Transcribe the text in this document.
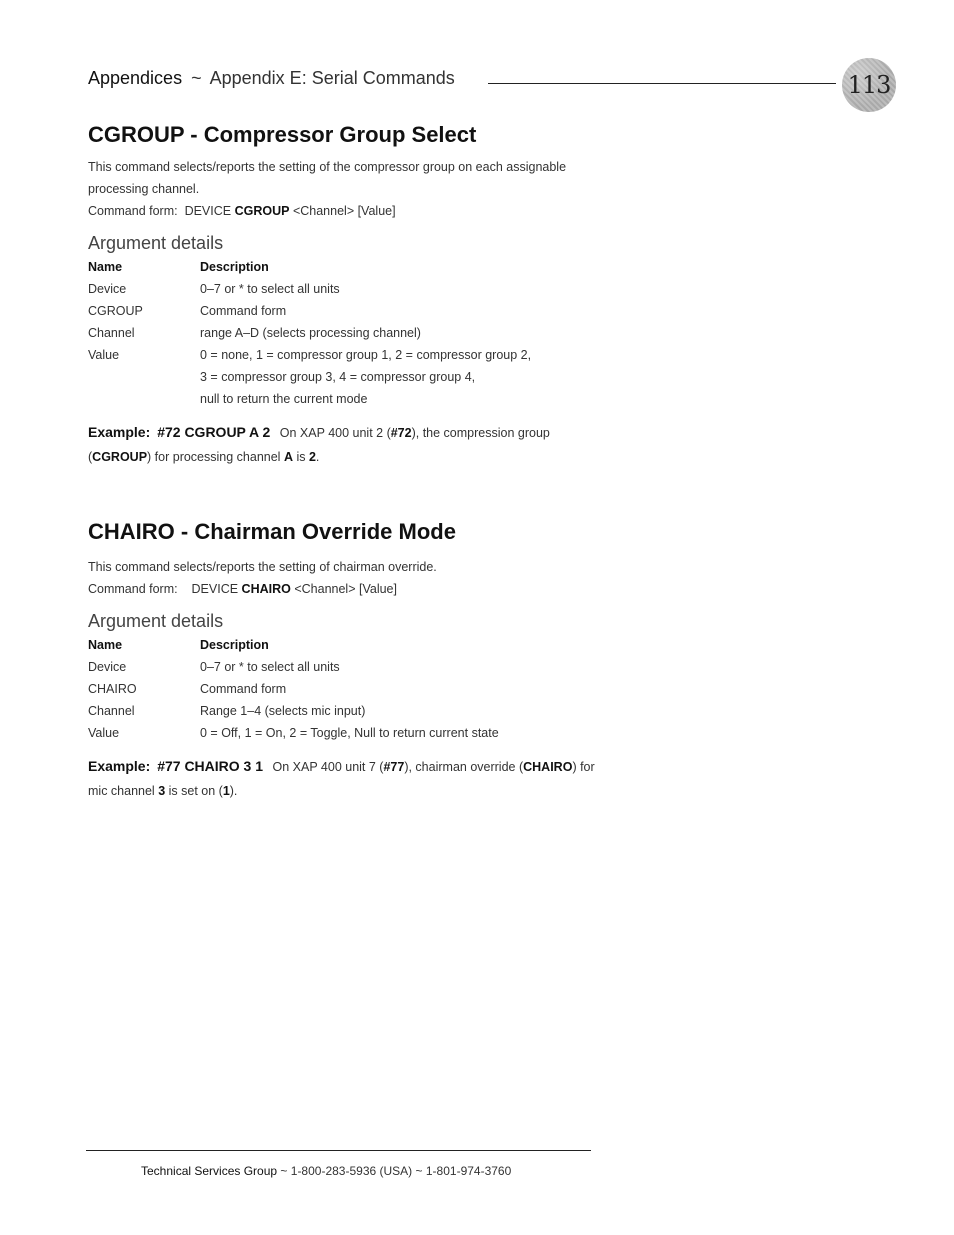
Appendices ~ Appendix E: Serial Commands	113
CGROUP - Compressor Group Select

This command selects/reports the setting of the compressor group on each assignable processing channel.

Command form: DEVICE CGROUP <Channel> [Value]

Argument details
Name	Description
Device	0–7 or * to select all units
CGROUP	Command form
Channel	range A–D (selects processing channel)
Value	0 = none, 1 = compressor group 1, 2 = compressor group 2,
3 = compressor group 3, 4 = compressor group 4,
null to return the current mode
Example: #72 CGROUP A 2 On XAP 400 unit 2 (#72), the compression group (CGROUP) for processing channel A is 2.
CHAIRO - Chairman Override Mode

This command selects/reports the setting of chairman override.

Command form: DEVICE CHAIRO <Channel> [Value]

Argument details
Name	Description
Device	0–7 or * to select all units
CHAIRO	Command form
Channel	Range 1–4 (selects mic input)
Value	0 = Off, 1 = On, 2 = Toggle, Null to return current state
Example: #77 CHAIRO 3 1 On XAP 400 unit 7 (#77), chairman override (CHAIRO) for mic channel 3 is set on (1).
Technical Services Group ~ 1-800-283-5936 (USA) ~ 1-801-974-3760
